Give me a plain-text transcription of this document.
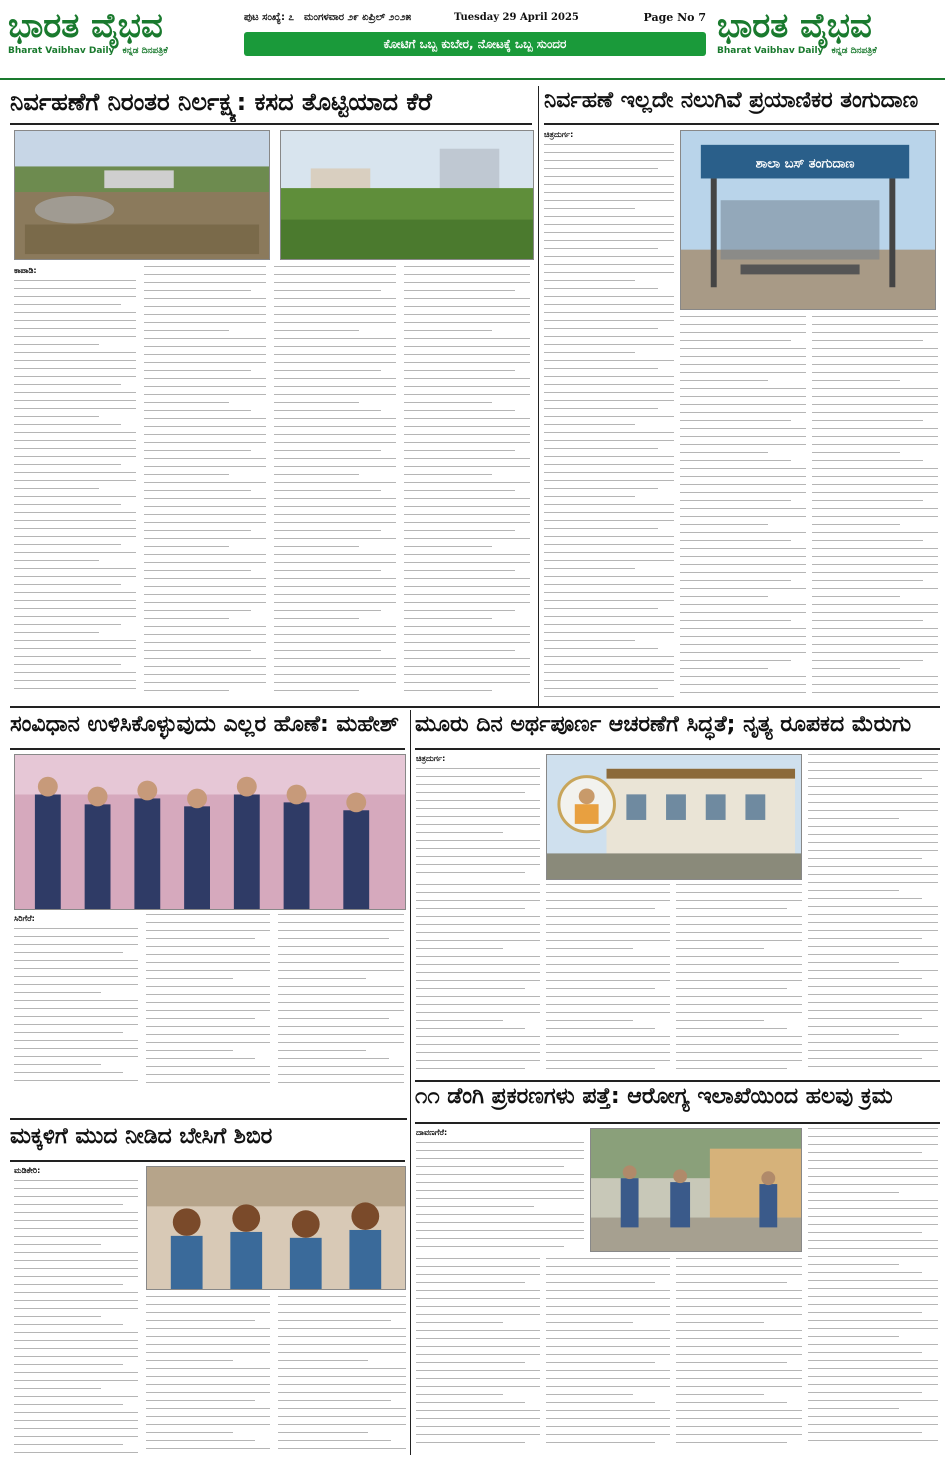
ಭಾರತ ವೈಭವ
Bharat Vaibhav Daily ಕನ್ನಡ ದಿನಪತ್ರಿಕೆ
ಪುಟ ಸಂಖ್ಯೆ: ೭ ಮಂಗಳವಾರ ೨೯ ಏಪ್ರಿಲ್ ೨೦೨೫	Tuesday 29 April 2025	Page No 7
ಕೋಟಿಗೆ ಒಬ್ಬ ಕುಬೇರ, ನೋಟಕ್ಕೆ ಒಬ್ಬ ಸುಂದರ	ಭಾರತ ವೈಭವ
Bharat Vaibhav Daily ಕನ್ನಡ ದಿನಪತ್ರಿಕೆ
ನಿರ್ವಹಣೆಗೆ ನಿರಂತರ ನಿರ್ಲಕ್ಷ್ಯ: ಕಸದ ತೊಟ್ಟಿಯಾದ ಕೆರೆ
ಕಾಪಾಡಿ:
ನಿರ್ವಹಣೆ ಇಲ್ಲದೇ ನಲುಗಿವೆ ಪ್ರಯಾಣಿಕರ ತಂಗುದಾಣ
ಚಿತ್ರದುರ್ಗ:
ಶಾಲಾ ಬಸ್ ತಂಗುದಾಣ
ಸಂವಿಧಾನ ಉಳಿಸಿಕೊಳ್ಳುವುದು ಎಲ್ಲರ ಹೊಣೆ: ಮಹೇಶ್
ಸಿರಿಗೆರೆ:
ಮೂರು ದಿನ ಅರ್ಥಪೂರ್ಣ ಆಚರಣೆಗೆ ಸಿದ್ಧತೆ; ನೃತ್ಯ ರೂಪಕದ ಮೆರುಗು
ಚಿತ್ರದುರ್ಗ:
ಮಕ್ಕಳಿಗೆ ಮುದ ನೀಡಿದ ಬೇಸಿಗೆ ಶಿಬಿರ
ಮಡಿಕೇರಿ:
೧೧ ಡೆಂಗಿ ಪ್ರಕರಣಗಳು ಪತ್ತೆ: ಆರೋಗ್ಯ ಇಲಾಖೆಯಿಂದ ಹಲವು ಕ್ರಮ
ದಾವಣಗೆರೆ:
